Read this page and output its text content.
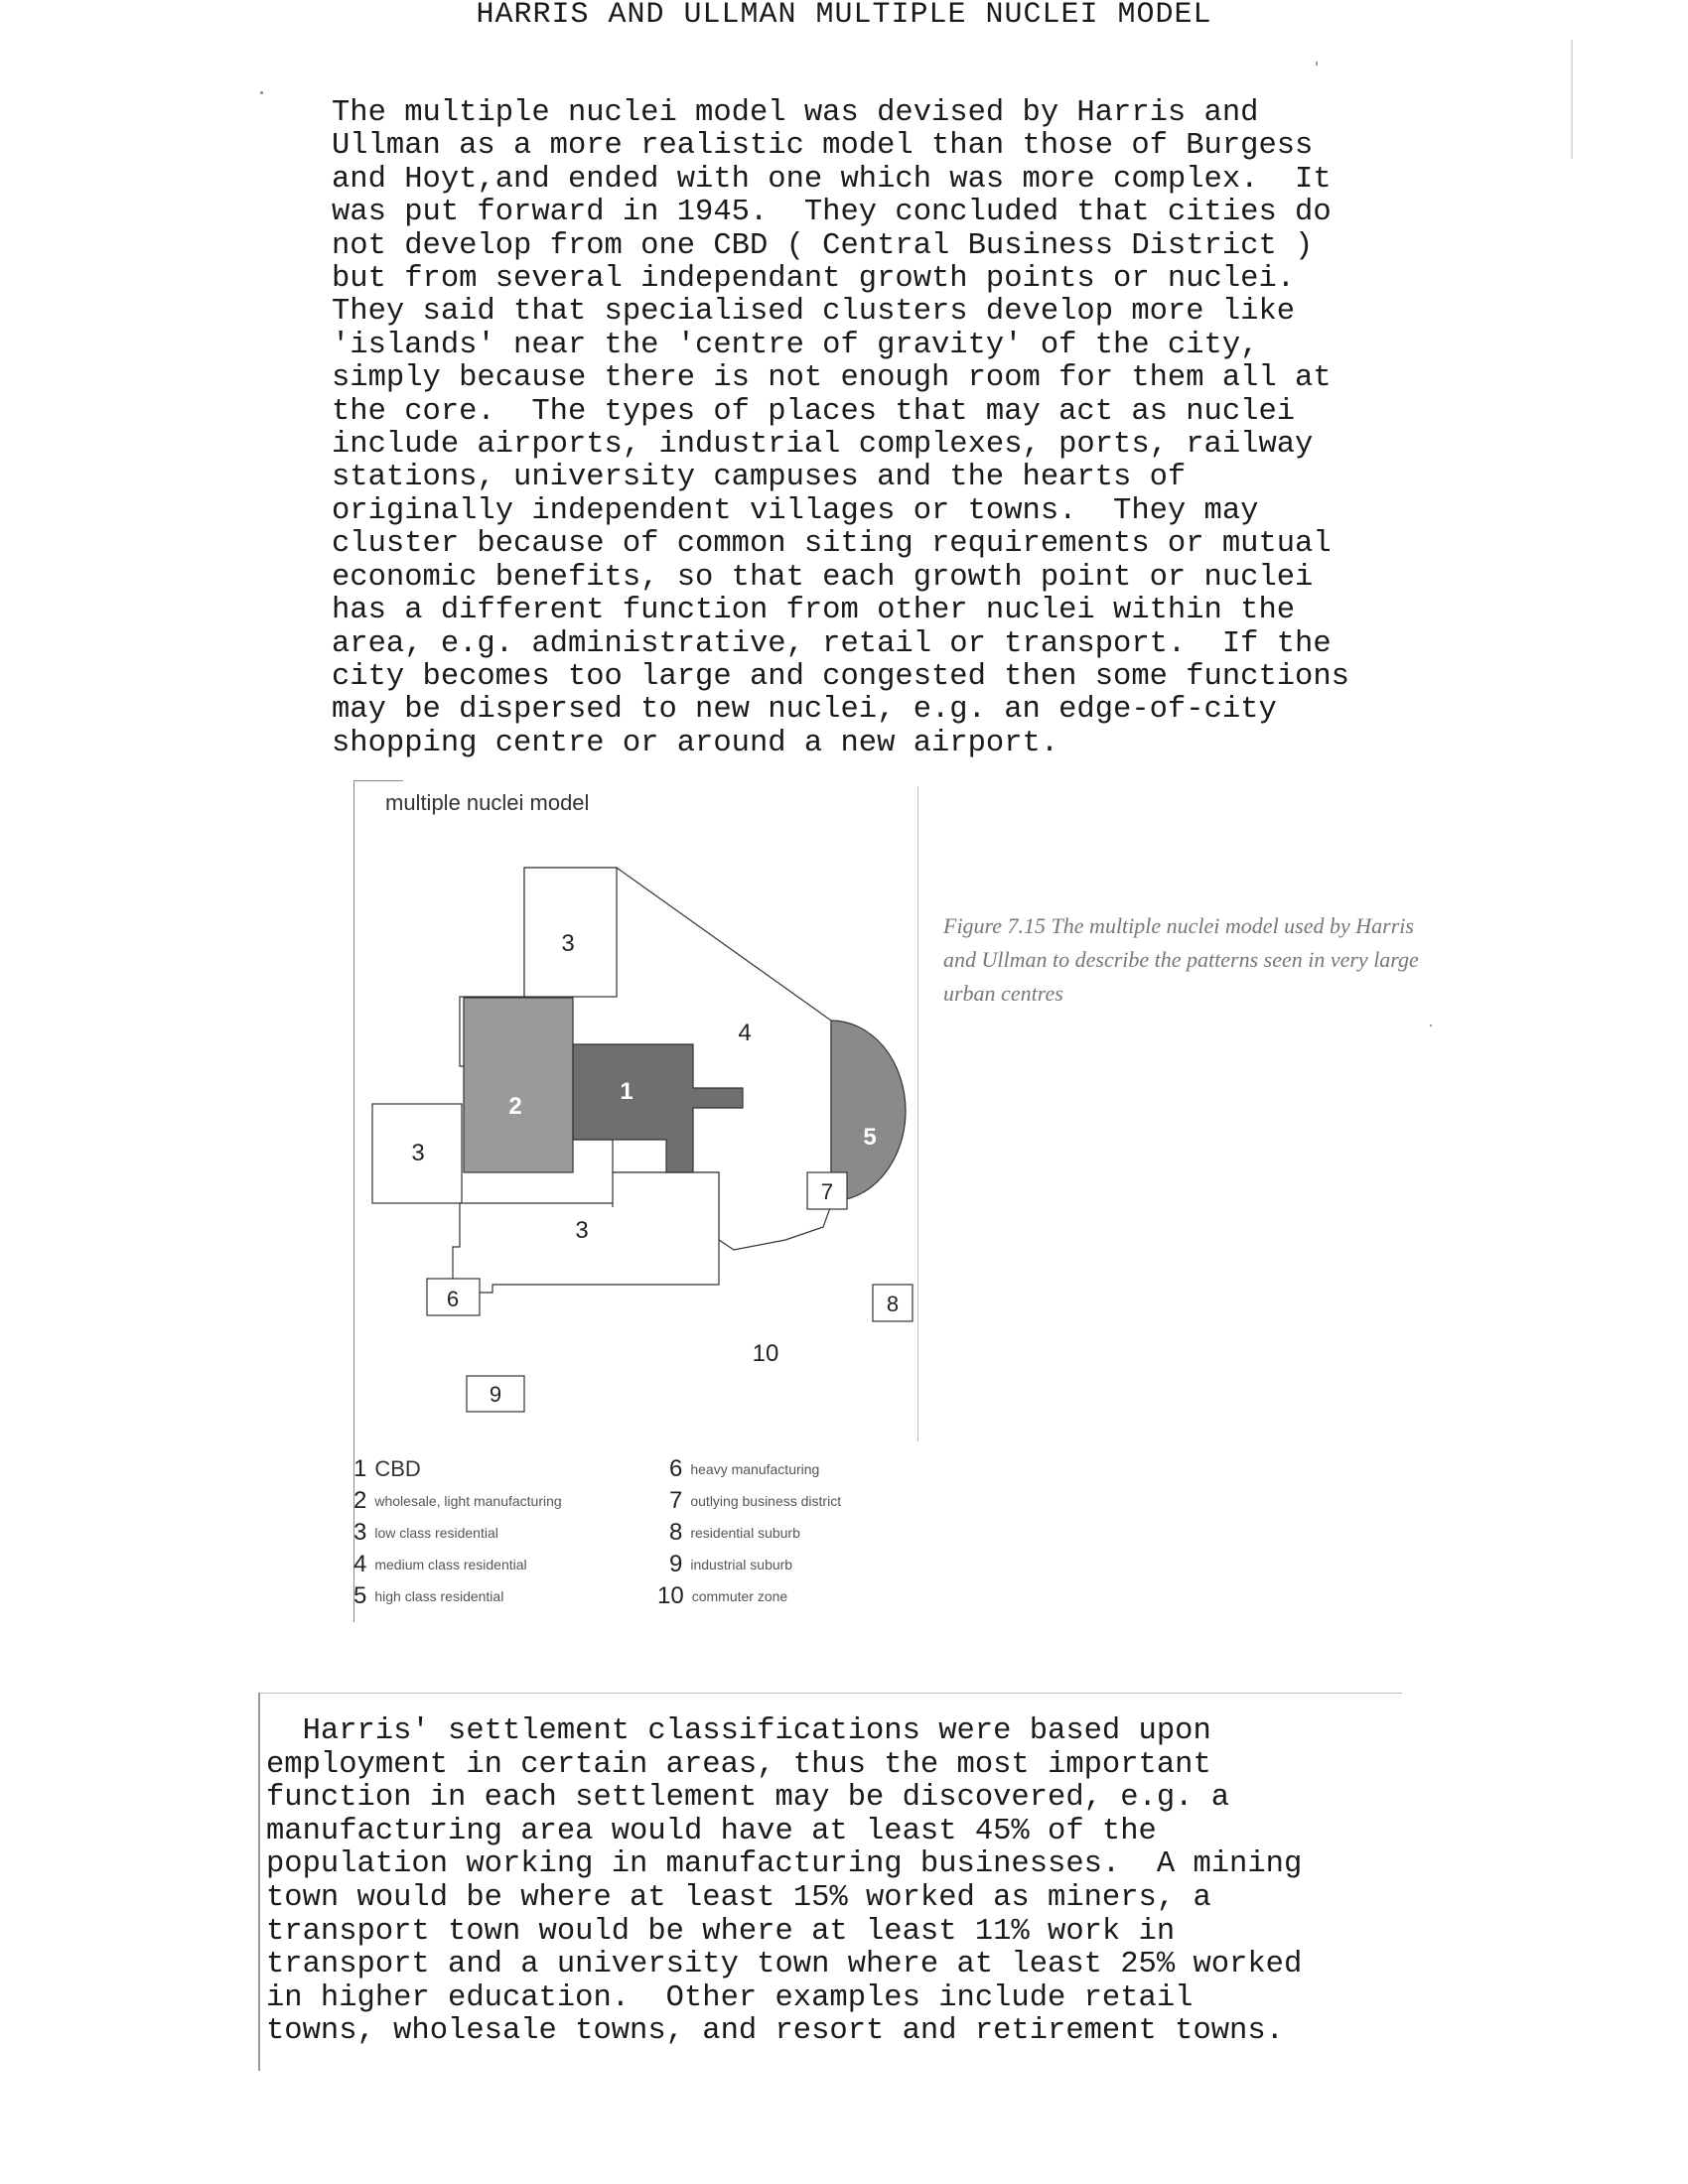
HARRIS AND ULLMAN MULTIPLE NUCLEI MODEL
The multiple nuclei model was devised by Harris and
Ullman as a more realistic model than those of Burgess
and Hoyt,and ended with one which was more complex.  It
was put forward in 1945.  They concluded that cities do
not develop from one CBD ( Central Business District )
but from several independant growth points or nuclei.
They said that specialised clusters develop more like
'islands' near the 'centre of gravity' of the city,
simply because there is not enough room for them all at
the core.  The types of places that may act as nuclei
include airports, industrial complexes, ports, railway
stations, university campuses and the hearts of
originally independent villages or towns.  They may
cluster because of common siting requirements or mutual
economic benefits, so that each growth point or nuclei
has a different function from other nuclei within the
area, e.g. administrative, retail or transport.  If the
city becomes too large and congested then some functions
may be dispersed to new nuclei, e.g. an edge-of-city
shopping centre or around a new airport.
multiple nuclei model
1
2
3
3
3
4
5
6
7
8
9
10
1 CBD
2 wholesale, light manufacturing
3 low class residential
4 medium class residential
5 high class residential
6 heavy manufacturing
7 outlying business district
8 residential suburb
9 industrial suburb
10 commuter zone
Figure 7.15 The multiple nuclei model used by Harris
and Ullman to describe the patterns seen in very large
urban centres
Harris' settlement classifications were based upon
employment in certain areas, thus the most important
function in each settlement may be discovered, e.g. a
manufacturing area would have at least 45% of the
population working in manufacturing businesses.  A mining
town would be where at least 15% worked as miners, a
transport town would be where at least 11% work in
transport and a university town where at least 25% worked
in higher education.  Other examples include retail
towns, wholesale towns, and resort and retirement towns.
